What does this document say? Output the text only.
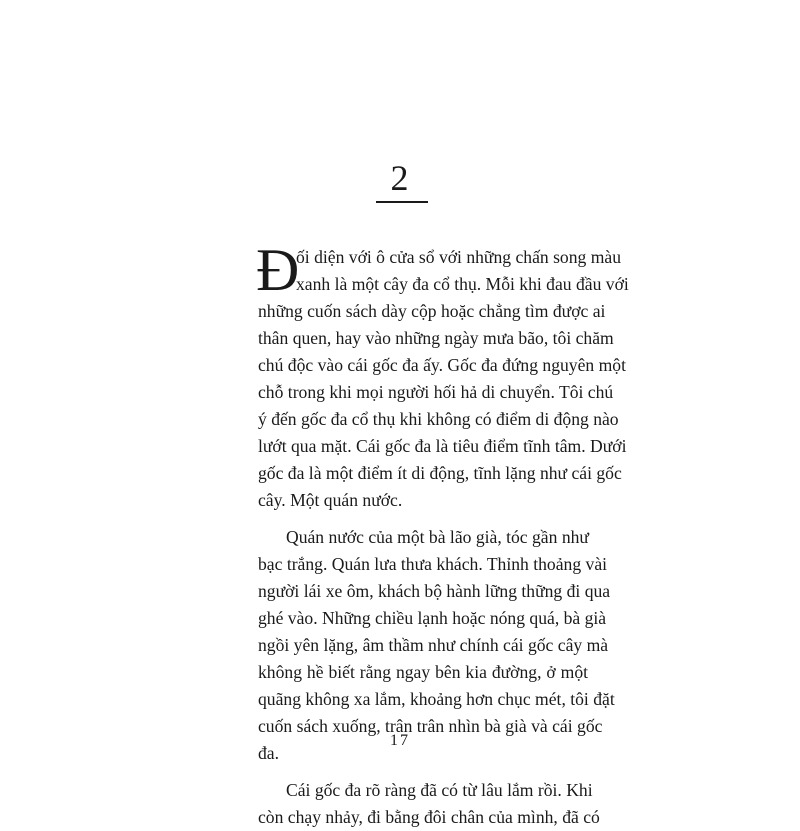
2
Đ
ối diện với ô cửa sổ với những chấn song màu
xanh là một cây đa cổ thụ. Mỗi khi đau đầu với
những cuốn sách dày cộp hoặc chẳng tìm được ai
thân quen, hay vào những ngày mưa bão, tôi chăm
chú độc vào cái gốc đa ấy. Gốc đa đứng nguyên một
chỗ trong khi mọi người hối hả di chuyển. Tôi chú
ý đến gốc đa cổ thụ khi không có điểm di động nào
lướt qua mặt. Cái gốc đa là tiêu điểm tĩnh tâm. Dưới
gốc đa là một điểm ít di động, tĩnh lặng như cái gốc
cây. Một quán nước.
Quán nước của một bà lão già, tóc gần như
bạc trắng. Quán lưa thưa khách. Thỉnh thoảng vài
người lái xe ôm, khách bộ hành lững thững đi qua
ghé vào. Những chiều lạnh hoặc nóng quá, bà già
ngồi yên lặng, âm thầm như chính cái gốc cây mà
không hề biết rằng ngay bên kia đường, ở một
quãng không xa lắm, khoảng hơn chục mét, tôi đặt
cuốn sách xuống, trân trân nhìn bà già và cái gốc
đa.
Cái gốc đa rõ ràng đã có từ lâu lắm rồi. Khi
còn chạy nhảy, đi bằng đôi chân của mình, đã có
17
